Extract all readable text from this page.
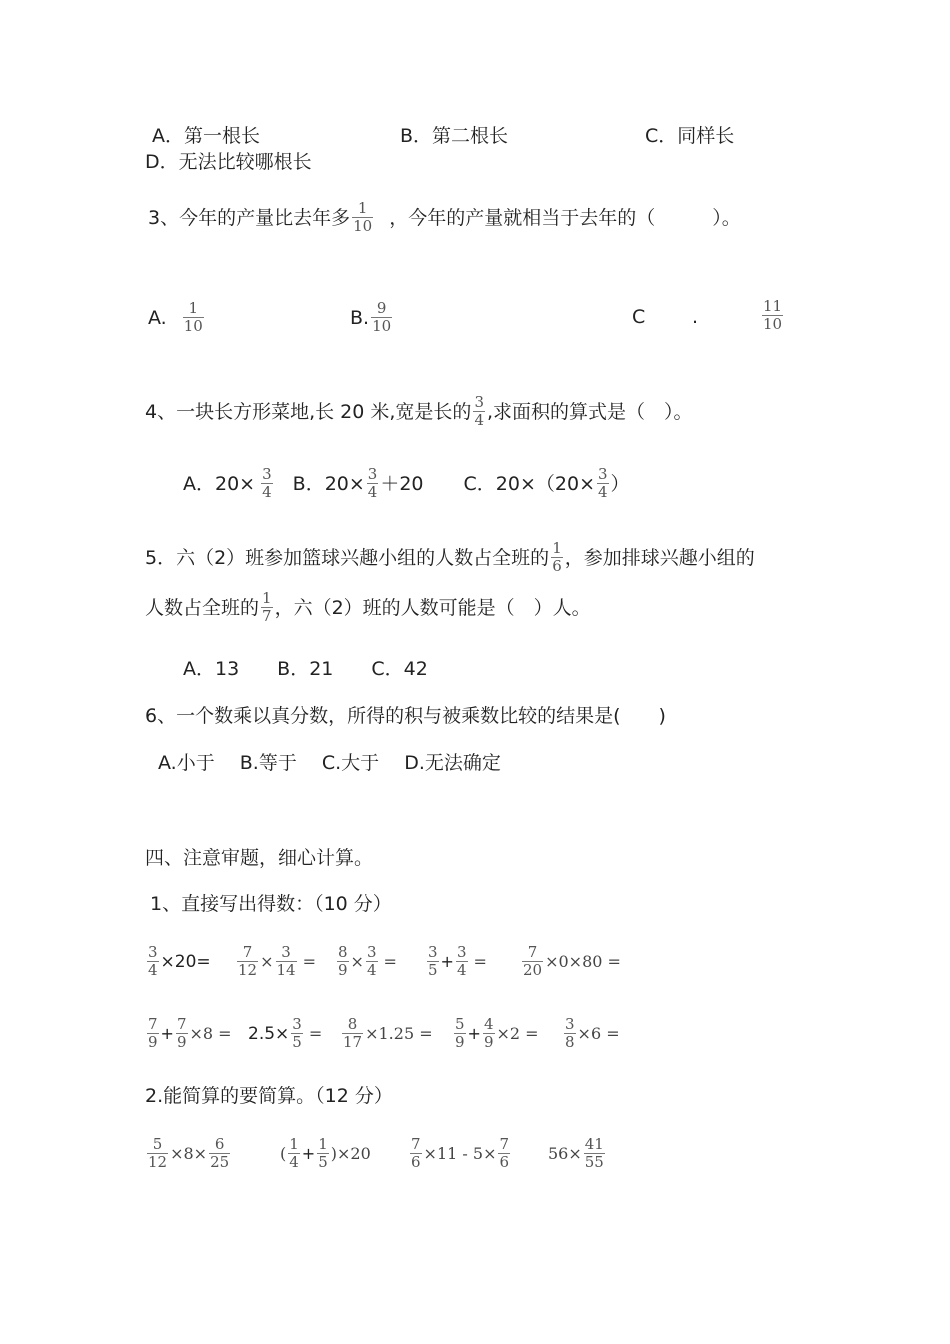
A．第一根长	B．第二根长	C．同样长
D．无法比较哪根长
3、今年的产量比去年多 $\frac{1}{10}$ ，今年的产量就相当于去年的（　　　）。
A. $\frac{1}{10}$	B. $\frac{9}{10}$	C .	$\frac{11}{10}$
4、一块长方形菜地,长 20 米,宽是长的 $\frac{3}{4}$ ,求面积的算式是（　）。
A．$20\times \frac{3}{4}$ B．$20\times \frac{3}{4} +20$ C．$20\times(20\times \frac{3}{4}$ ）
5．六（2）班参加篮球兴趣小组的人数占全班的 $\frac{1}{6}$ ，参加排球兴趣小组的
人数占全班的 $\frac{1}{7}$ ，六（2）班的人数可能是（　）人。
A．13　　B．21　　C．42
6、一个数乘以真分数，所得的积与被乘数比较的结果是(　　)
A.小于　 B.等于　 C.大于　 D.无法确定
四、注意审题，细心计算。
1、直接写出得数：（10 分）
$\frac{3}{4} \times 20= \frac{7}{12} \times \frac{3}{14} = \frac{8}{9} \times \frac{3}{4} = \frac{3}{5} + \frac{3}{4} = \frac{7}{20} \times 0\times 80$ =
$\frac{7}{9} + \frac{7}{9} \times 8 = 2.5\times \frac{3}{5} = \frac{8}{17} \times 1.25 = \frac{5}{9} + \frac{4}{9} \times 2 = \frac{3}{8} \times 6$ =
2.能简算的要简算。（12 分）
$\frac{5}{12} \times 8\times \frac{6}{25}$	( $\frac{1}{4} + \frac{1}{5} )\times 20$	$\frac{7}{6} \times 11 - 5\times \frac{7}{6} 56\times \frac{41}{55}$
